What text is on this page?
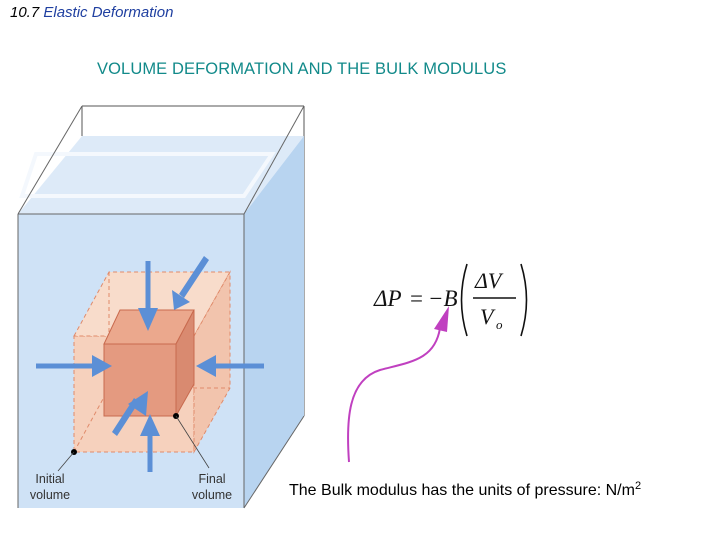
10.7 Elastic Deformation
VOLUME DEFORMATION AND THE BULK MODULUS
Initial
volume
Final
volume
ΔP = −B
ΔV
V o
The Bulk modulus has the units of pressure: $N/m^2$
